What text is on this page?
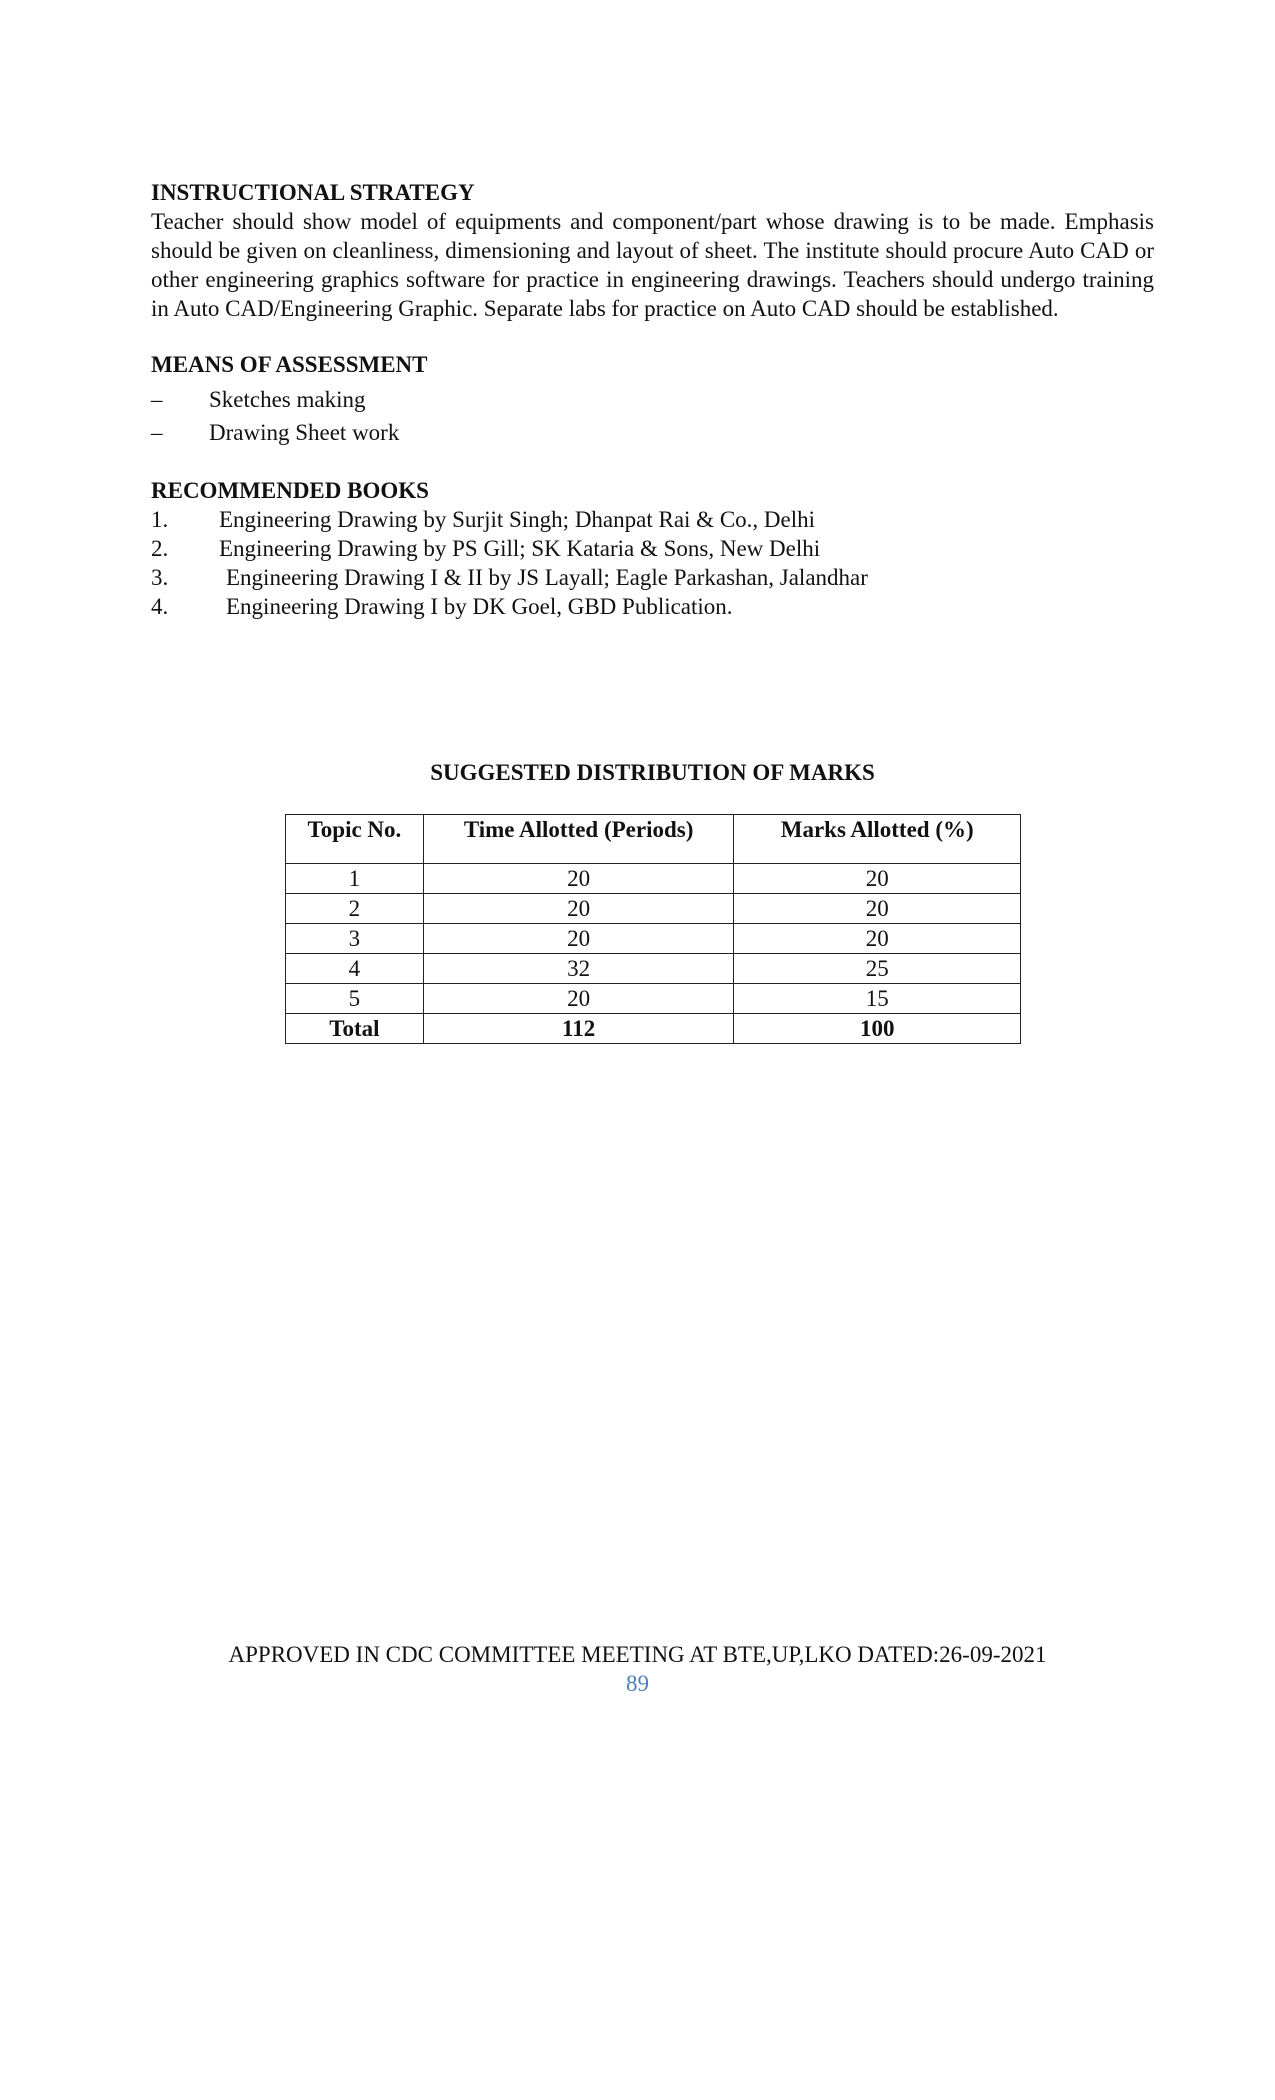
INSTRUCTIONAL STRATEGY

Teacher should show model of equipments and component/part whose drawing is to be made. Emphasis should be given on cleanliness, dimensioning and layout of sheet. The institute should procure Auto CAD or other engineering graphics software for practice in engineering drawings. Teachers should undergo training in Auto CAD/Engineering Graphic. Separate labs for practice on Auto CAD should be established.

MEANS OF ASSESSMENT
–	Sketches making
–	Drawing Sheet work
RECOMMENDED BOOKS
1.	Engineering Drawing by Surjit Singh; Dhanpat Rai & Co., Delhi
2.	Engineering Drawing by PS Gill; SK Kataria & Sons, New Delhi
3.	Engineering Drawing I & II by JS Layall; Eagle Parkashan, Jalandhar
4.	Engineering Drawing I by DK Goel, GBD Publication.
SUGGESTED DISTRIBUTION OF MARKS
Topic No.	Time Allotted (Periods)	Marks Allotted (%)
1	20	20
2	20	20
3	20	20
4	32	25
5	20	15
Total	112	100

APPROVED IN CDC COMMITTEE MEETING AT BTE,UP,LKO DATED:26-09-2021

89
